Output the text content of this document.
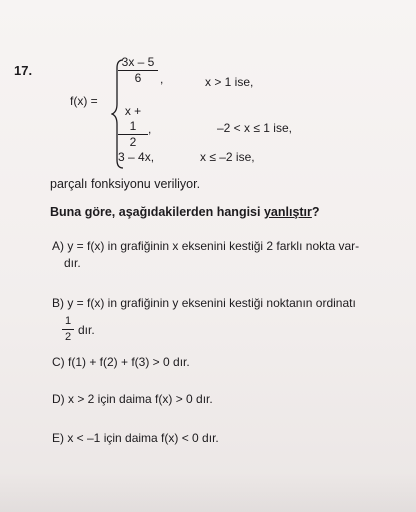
17.
f(x) =
$\frac{3x - 5}{6}$ ,	x > 1 ise,
$\frac{x + 1}{2}$ ,	–2 < x ≤ 1 ise,
3 – 4x,	x ≤ –2 ise,
parçalı fonksiyonu veriliyor.
Buna göre, aşağıdakilerden hangisi yanlıştır?
A) y = f(x) in grafiğinin x eksenini kestiği 2 farklı nokta var-
dır.
B) y = f(x) in grafiğinin y eksenini kestiği noktanın ordinatı
$\frac{1}{2}$ dır.
C) f(1) + f(2) + f(3) > 0 dır.
D) x > 2 için daima f(x) > 0 dır.
E) x < –1 için daima f(x) < 0 dır.
